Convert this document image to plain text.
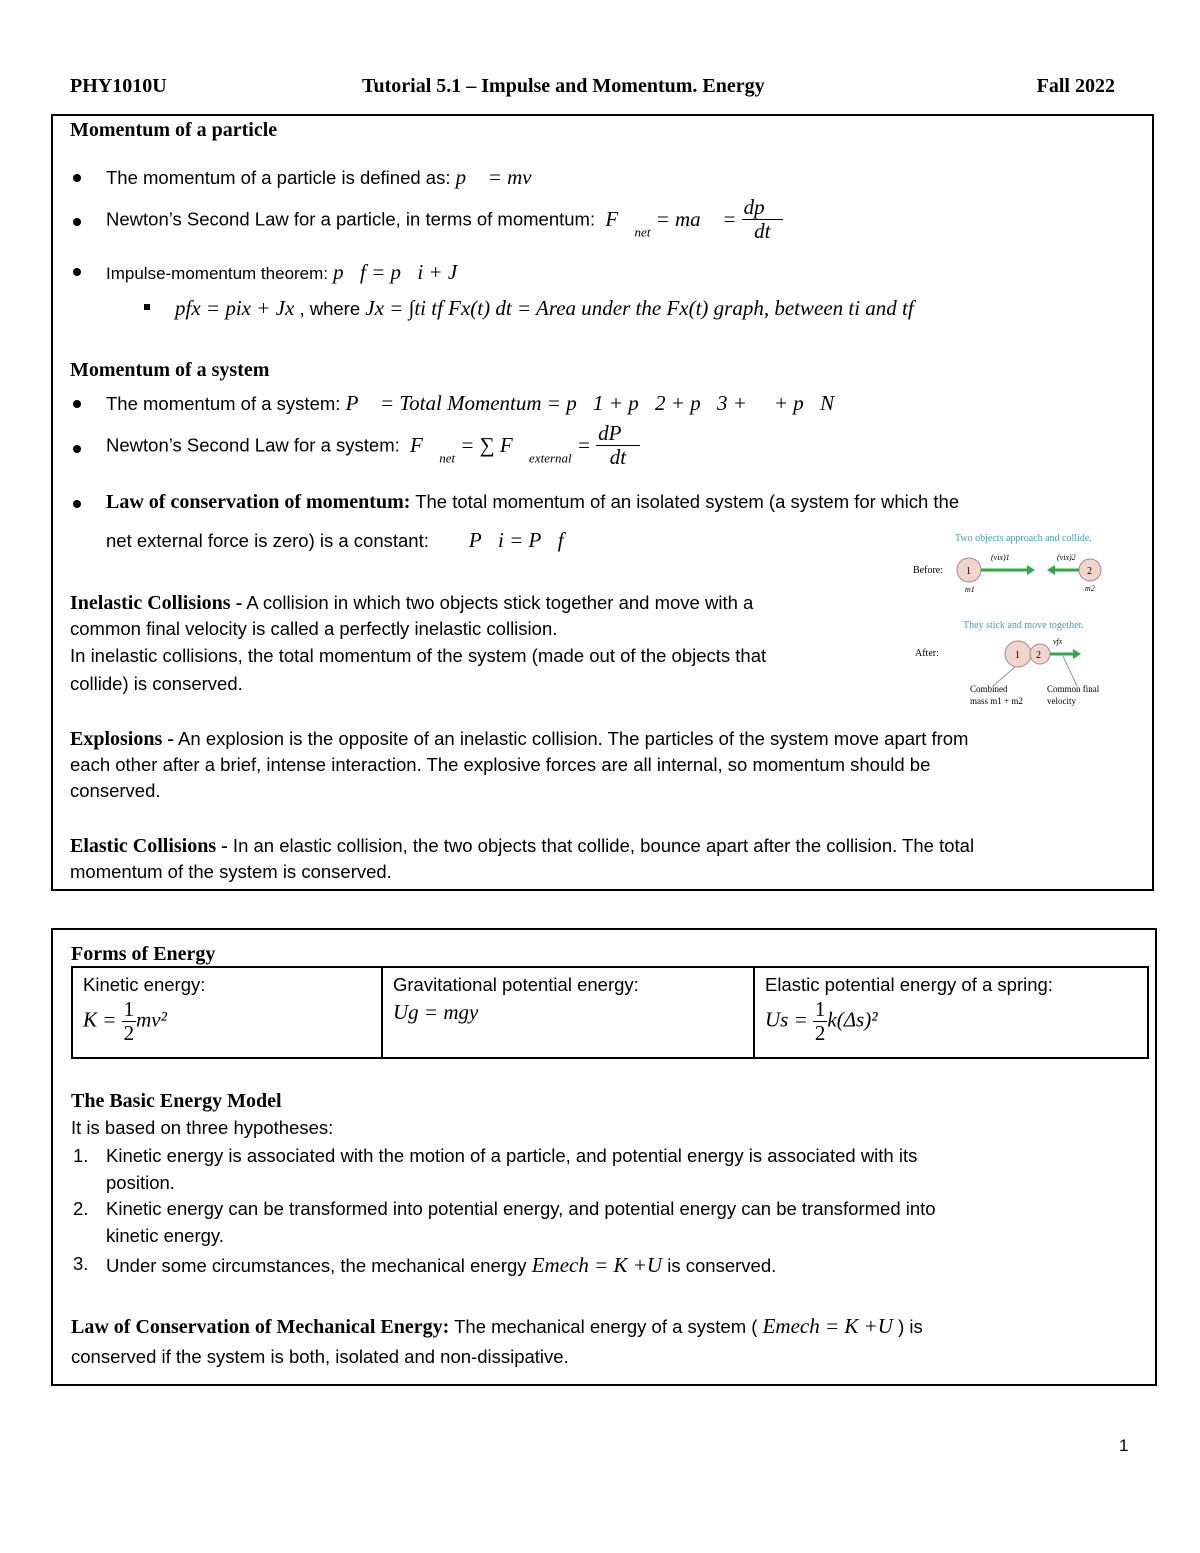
PHY1010U	Tutorial 5.1 – Impulse and Momentum. Energy	Fall 2022
Momentum of a particle
The momentum of a particle is defined as: p⃗ = mv⃗
Newton’s Second Law for a particle, in terms of momentum: $F⃗_{net}$ = ma⃗ = $\frac{dp⃗}{dt}$
Impulse-momentum theorem: p⃗f = p⃗i + J⃗
pfx = pix + Jx , where Jx = ∫ti tf Fx(t) dt = Area under the Fx(t) graph, between ti and tf
Momentum of a system
The momentum of a system: P⃗ = Total Momentum = p⃗1 + p⃗2 + p⃗3 + ⋯ + p⃗N
Newton’s Second Law for a system: $F⃗_{net}$ = ∑ $F⃗_{external} = \frac{dP⃗}{dt}$
Law of conservation of momentum: The total momentum of an isolated system (a system for which the
net external force is zero) is a constant: P⃗i = P⃗f
Inelastic Collisions - A collision in which two objects stick together and move with a
common final velocity is called a perfectly inelastic collision.
In inelastic collisions, the total momentum of the system (made out of the objects that
collide) is conserved.
Two objects approach and collide.
Before: 1
(vix)1
m1
2
(vix)2
m2
They stick and move together.
After:	1 2
vfx
Combined
mass m1 + m2
Common final
velocity
Explosions - An explosion is the opposite of an inelastic collision. The particles of the system move apart from
each other after a brief, intense interaction. The explosive forces are all internal, so momentum should be
conserved.
Elastic Collisions - In an elastic collision, the two objects that collide, bounce apart after the collision. The total
momentum of the system is conserved.
Forms of Energy
Kinetic energy:
$K = \frac{1}{2} mv^2$

Gravitational potential energy:
Ug = mgy

Elastic potential energy of a spring:
$Us = \frac{1}{2} k(\Delta s)^2$
The Basic Energy Model
It is based on three hypotheses:
1. Kinetic energy is associated with the motion of a particle, and potential energy is associated with its
position.
2. Kinetic energy can be transformed into potential energy, and potential energy can be transformed into
kinetic energy.
3. Under some circumstances, the mechanical energy Emech = K +U is conserved.
Law of Conservation of Mechanical Energy: The mechanical energy of a system ( Emech = K +U ) is
conserved if the system is both, isolated and non-dissipative.
1
